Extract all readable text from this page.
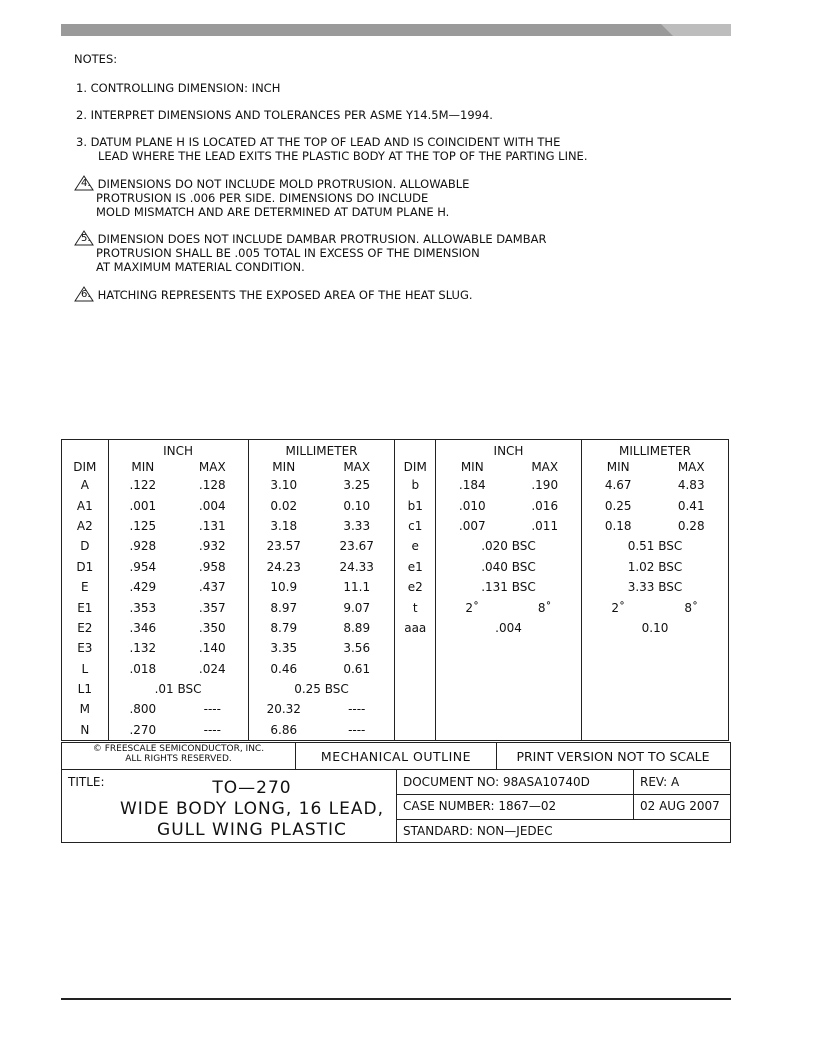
NOTES:
1. CONTROLLING DIMENSION: INCH
2. INTERPRET DIMENSIONS AND TOLERANCES PER ASME Y14.5M—1994.
3. DATUM PLANE H IS LOCATED AT THE TOP OF LEAD AND IS COINCIDENT WITH THE
LEAD WHERE THE LEAD EXITS THE PLASTIC BODY AT THE TOP OF THE PARTING LINE.
4. DIMENSIONS DO NOT INCLUDE MOLD PROTRUSION. ALLOWABLE
PROTRUSION IS .006 PER SIDE. DIMENSIONS DO INCLUDE
MOLD MISMATCH AND ARE DETERMINED AT DATUM PLANE H.
5. DIMENSION DOES NOT INCLUDE DAMBAR PROTRUSION. ALLOWABLE DAMBAR
PROTRUSION SHALL BE .005 TOTAL IN EXCESS OF THE DIMENSION
AT MAXIMUM MATERIAL CONDITION.
6. HATCHING REPRESENTS THE EXPOSED AREA OF THE HEAT SLUG.
	INCH		MILLIMETER			INCH		MILLIMETER	
DIM	MIN	MAX	MIN	MAX	DIM	MIN	MAX	MIN	MAX
A	.122	.128	3.10	3.25	b	.184	.190	4.67	4.83
A1	.001	.004	0.02	0.10	b1	.010	.016	0.25	0.41
A2	.125	.131	3.18	3.33	c1	.007	.011	0.18	0.28
D	.928	.932	23.57	23.67	e	.020 BSC		0.51 BSC	
D1	.954	.958	24.23	24.33	e1	.040 BSC		1.02 BSC	
E	.429	.437	10.9	11.1	e2	.131 BSC		3.33 BSC	
E1	.353	.357	8.97	9.07	t	2˚	8˚	2˚	8˚
E2	.346	.350	8.79	8.89	aaa	.004		0.10	
E3	.132	.140	3.35	3.56					
L	.018	.024	0.46	0.61					
L1	.01 BSC		0.25 BSC						
M	.800	----	20.32	----					
N	.270	----	6.86	----					
© FREESCALE SEMICONDUCTOR, INC.
ALL RIGHTS RESERVED.	MECHANICAL OUTLINE	PRINT VERSION NOT TO SCALE
TITLE:	TO—270
WIDE BODY LONG, 16 LEAD,
GULL WING PLASTIC
DOCUMENT NO: 98ASA10740D	REV: A
CASE NUMBER: 1867—02	02 AUG 2007
STANDARD: NON—JEDEC
